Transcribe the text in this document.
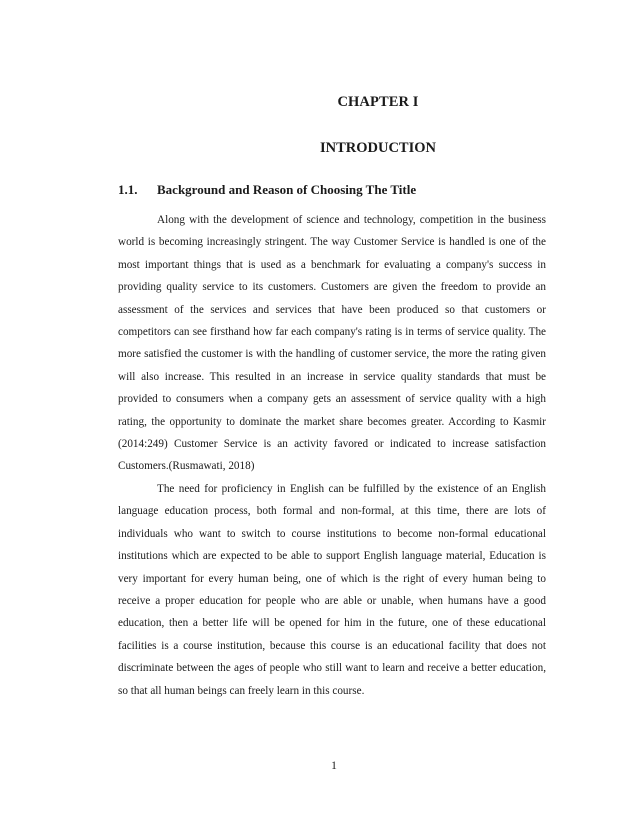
CHAPTER I
INTRODUCTION
1.1. Background and Reason of Choosing The Title

Along with the development of science and technology, competition in the business world is becoming increasingly stringent. The way Customer Service is handled is one of the most important things that is used as a benchmark for evaluating a company's success in providing quality service to its customers. Customers are given the freedom to provide an assessment of the services and services that have been produced so that customers or competitors can see firsthand how far each company's rating is in terms of service quality. The more satisfied the customer is with the handling of customer service, the more the rating given will also increase. This resulted in an increase in service quality standards that must be provided to consumers when a company gets an assessment of service quality with a high rating, the opportunity to dominate the market share becomes greater. According to Kasmir (2014:249) Customer Service is an activity favored or indicated to increase satisfaction Customers.(Rusmawati, 2018)

The need for proficiency in English can be fulfilled by the existence of an English language education process, both formal and non-formal, at this time, there are lots of individuals who want to switch to course institutions to become non-formal educational institutions which are expected to be able to support English language material, Education is very important for every human being, one of which is the right of every human being to receive a proper education for people who are able or unable, when humans have a good education, then a better life will be opened for him in the future, one of these educational facilities is a course institution, because this course is an educational facility that does not discriminate between the ages of people who still want to learn and receive a better education, so that all human beings can freely learn in this course.

1
